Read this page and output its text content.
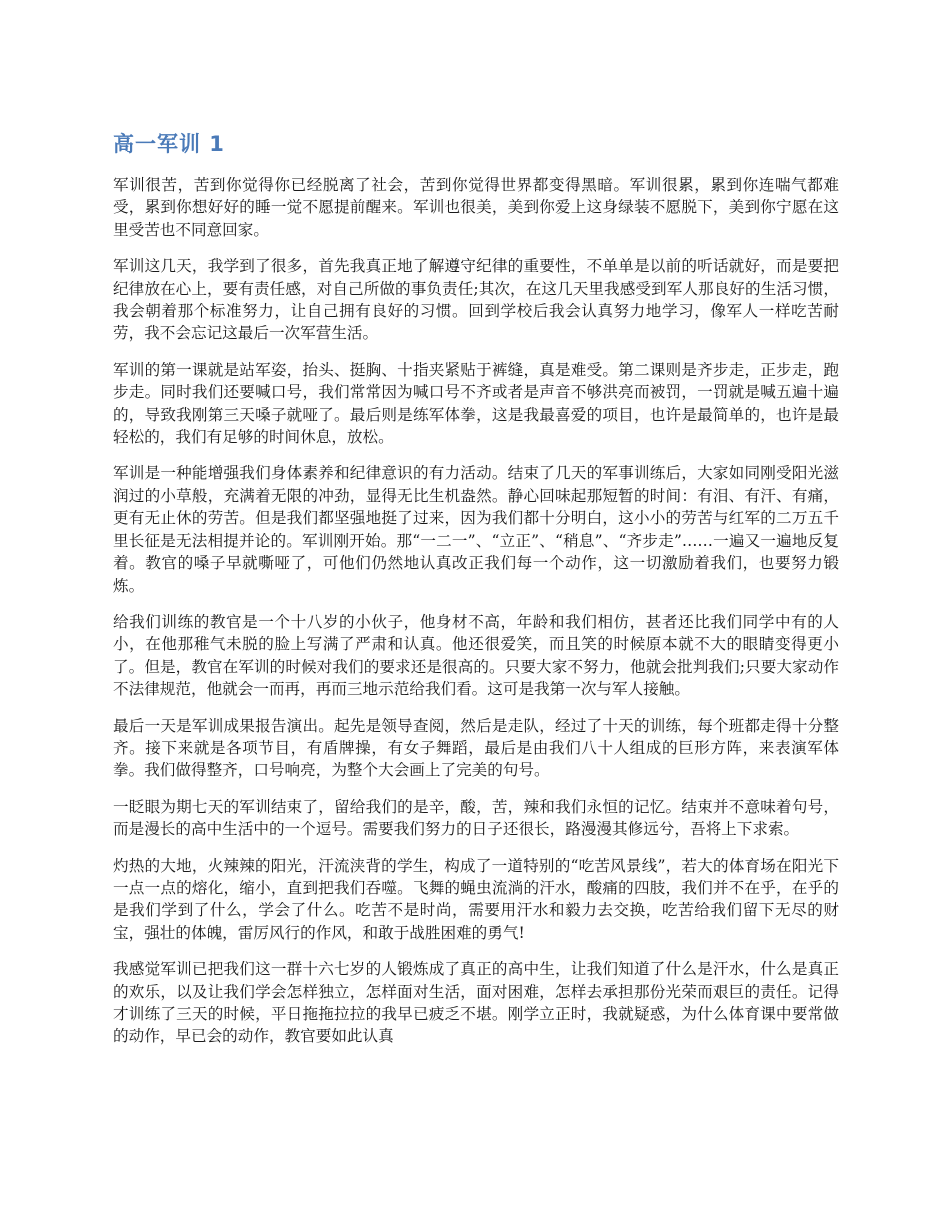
高一军训 1

军训很苦，苦到你觉得你已经脱离了社会，苦到你觉得世界都变得黑暗。军训很累，累到你连喘气都难受，累到你想好好的睡一觉不愿提前醒来。军训也很美，美到你爱上这身绿装不愿脱下，美到你宁愿在这里受苦也不同意回家。

军训这几天，我学到了很多，首先我真正地了解遵守纪律的重要性，不单单是以前的听话就好，而是要把纪律放在心上，要有责任感，对自己所做的事负责任;其次，在这几天里我感受到军人那良好的生活习惯，我会朝着那个标准努力，让自己拥有良好的习惯。回到学校后我会认真努力地学习，像军人一样吃苦耐劳，我不会忘记这最后一次军营生活。

军训的第一课就是站军姿，抬头、挺胸、十指夹紧贴于裤缝，真是难受。第二课则是齐步走，正步走，跑步走。同时我们还要喊口号，我们常常因为喊口号不齐或者是声音不够洪亮而被罚，一罚就是喊五遍十遍的，导致我刚第三天嗓子就哑了。最后则是练军体拳，这是我最喜爱的项目，也许是最简单的，也许是最轻松的，我们有足够的时间休息，放松。

军训是一种能增强我们身体素养和纪律意识的有力活动。结束了几天的军事训练后，大家如同刚受阳光滋润过的小草般，充满着无限的冲劲，显得无比生机盎然。静心回味起那短暂的时间：有泪、有汗、有痛，更有无止休的劳苦。但是我们都坚强地挺了过来，因为我们都十分明白，这小小的劳苦与红军的二万五千里长征是无法相提并论的。军训刚开始。那“一二一”、“立正”、“稍息”、“齐步走”……一遍又一遍地反复着。教官的嗓子早就嘶哑了，可他们仍然地认真改正我们每一个动作，这一切激励着我们，也要努力锻炼。

给我们训练的教官是一个十八岁的小伙子，他身材不高，年龄和我们相仿，甚者还比我们同学中有的人小，在他那稚气未脱的脸上写满了严肃和认真。他还很爱笑，而且笑的时候原本就不大的眼睛变得更小了。但是，教官在军训的时候对我们的要求还是很高的。只要大家不努力，他就会批判我们;只要大家动作不法律规范，他就会一而再，再而三地示范给我们看。这可是我第一次与军人接触。

最后一天是军训成果报告演出。起先是领导查阅，然后是走队，经过了十天的训练，每个班都走得十分整齐。接下来就是各项节目，有盾牌操，有女子舞蹈，最后是由我们八十人组成的巨形方阵，来表演军体拳。我们做得整齐，口号响亮，为整个大会画上了完美的句号。

一眨眼为期七天的军训结束了，留给我们的是辛，酸，苦，辣和我们永恒的记忆。结束并不意味着句号，而是漫长的高中生活中的一个逗号。需要我们努力的日子还很长，路漫漫其修远兮，吾将上下求索。

灼热的大地，火辣辣的阳光，汗流浃背的学生，构成了一道特别的“吃苦风景线”，若大的体育场在阳光下一点一点的熔化，缩小，直到把我们吞噬。飞舞的蝇虫流淌的汗水，酸痛的四肢，我们并不在乎，在乎的是我们学到了什么，学会了什么。吃苦不是时尚，需要用汗水和毅力去交换，吃苦给我们留下无尽的财宝，强壮的体魄，雷厉风行的作风，和敢于战胜困难的勇气!

我感觉军训已把我们这一群十六七岁的人锻炼成了真正的高中生，让我们知道了什么是汗水，什么是真正的欢乐，以及让我们学会怎样独立，怎样面对生活，面对困难，怎样去承担那份光荣而艰巨的责任。记得才训练了三天的时候，平日拖拖拉拉的我早已疲乏不堪。刚学立正时，我就疑惑，为什么体育课中要常做的动作，早已会的动作，教官要如此认真
